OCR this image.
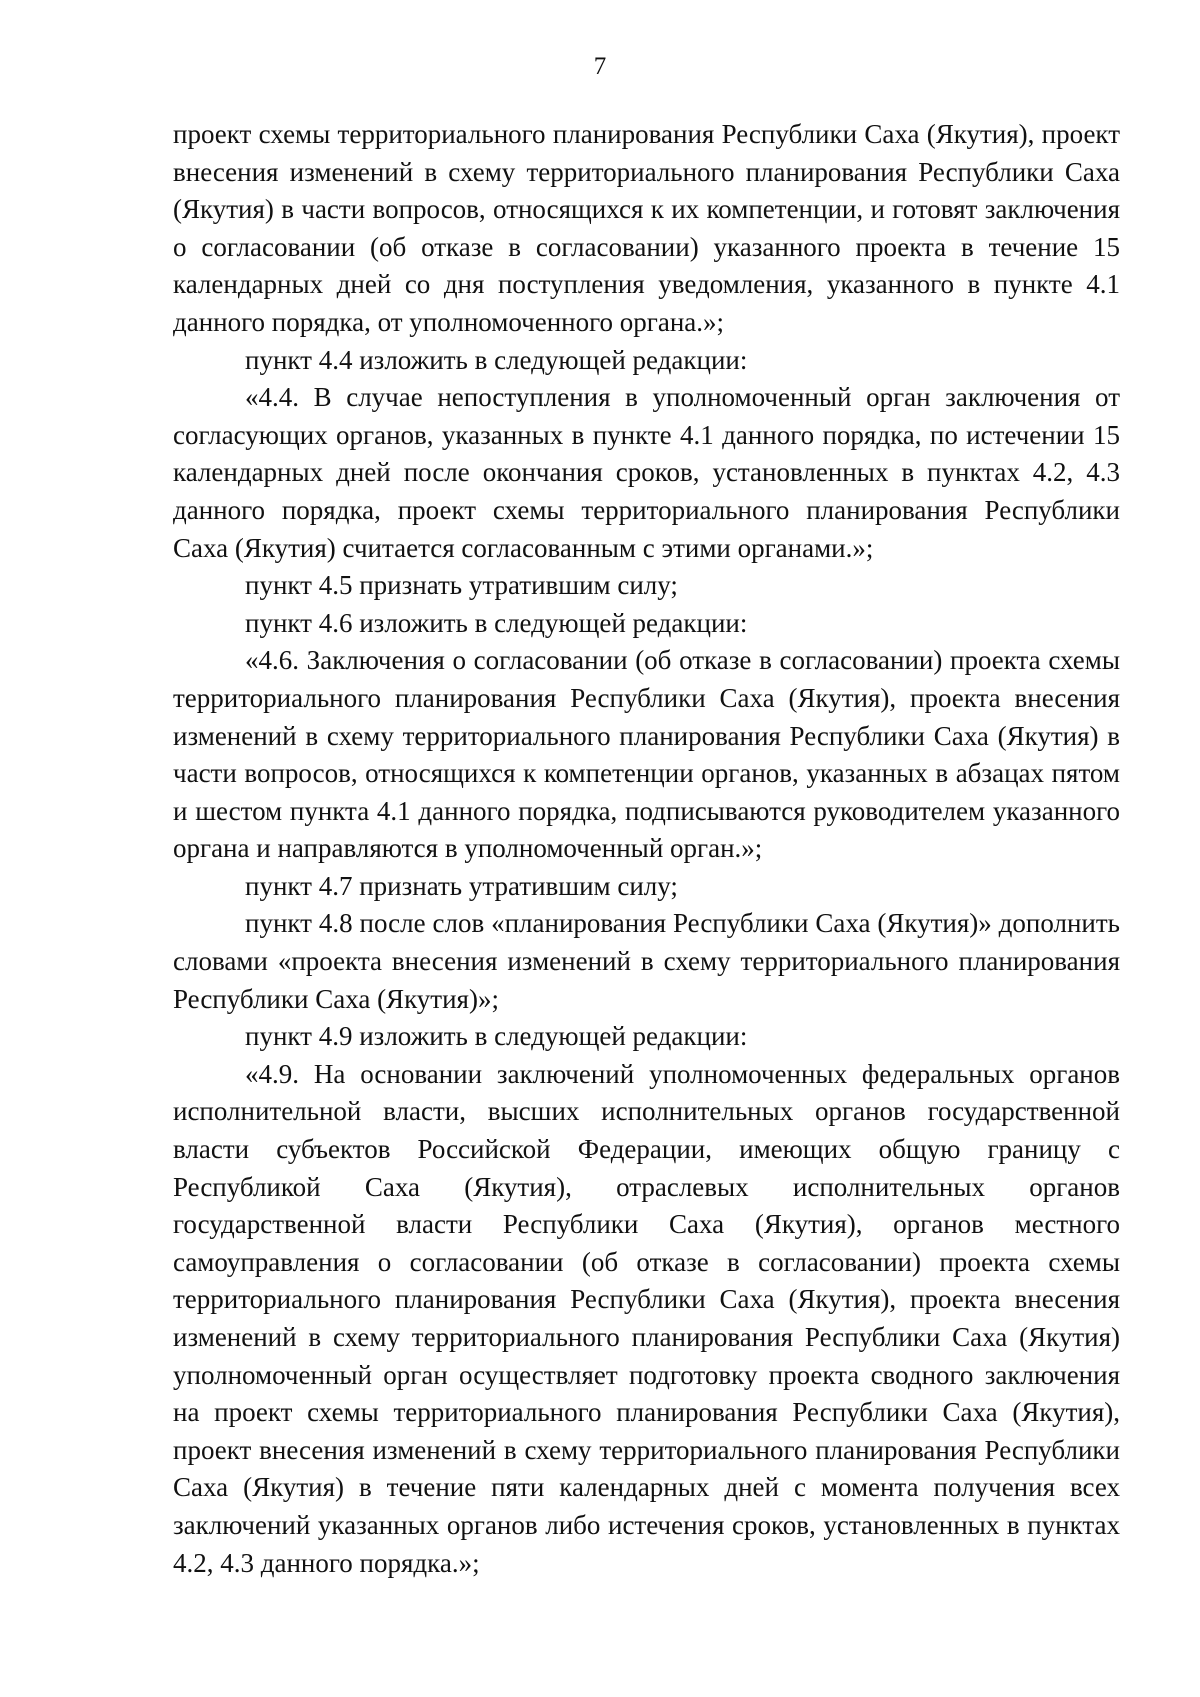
7

проект схемы территориального планирования Республики Саха (Якутия), проект внесения изменений в схему территориального планирования Республики Саха (Якутия) в части вопросов, относящихся к их компетенции, и готовят заключения о согласовании (об отказе в согласовании) указанного проекта в течение 15 календарных дней со дня поступления уведомления, указанного в пункте 4.1 данного порядка, от уполномоченного органа.»;

пункт 4.4 изложить в следующей редакции:

«4.4. В случае непоступления в уполномоченный орган заключения от согласующих органов, указанных в пункте 4.1 данного порядка, по истечении 15 календарных дней после окончания сроков, установленных в пунктах 4.2, 4.3 данного порядка, проект схемы территориального планирования Республики Саха (Якутия) считается согласованным с этими органами.»;

пункт 4.5 признать утратившим силу;

пункт 4.6 изложить в следующей редакции:

«4.6. Заключения о согласовании (об отказе в согласовании) проекта схемы территориального планирования Республики Саха (Якутия), проекта внесения изменений в схему территориального планирования Республики Саха (Якутия) в части вопросов, относящихся к компетенции органов, указанных в абзацах пятом и шестом пункта 4.1 данного порядка, подписываются руководителем указанного органа и направляются в уполномоченный орган.»;

пункт 4.7 признать утратившим силу;

пункт 4.8 после слов «планирования Республики Саха (Якутия)» дополнить словами «проекта внесения изменений в схему территориального планирования Республики Саха (Якутия)»;

пункт 4.9 изложить в следующей редакции:

«4.9. На основании заключений уполномоченных федеральных органов исполнительной власти, высших исполнительных органов государственной власти субъектов Российской Федерации, имеющих общую границу с Республикой Саха (Якутия), отраслевых исполнительных органов государственной власти Республики Саха (Якутия), органов местного самоуправления о согласовании (об отказе в согласовании) проекта схемы территориального планирования Республики Саха (Якутия), проекта внесения изменений в схему территориального планирования Республики Саха (Якутия) уполномоченный орган осуществляет подготовку проекта сводного заключения на проект схемы территориального планирования Республики Саха (Якутия), проект внесения изменений в схему территориального планирования Республики Саха (Якутия) в течение пяти календарных дней с момента получения всех заключений указанных органов либо истечения сроков, установленных в пунктах 4.2, 4.3 данного порядка.»;
